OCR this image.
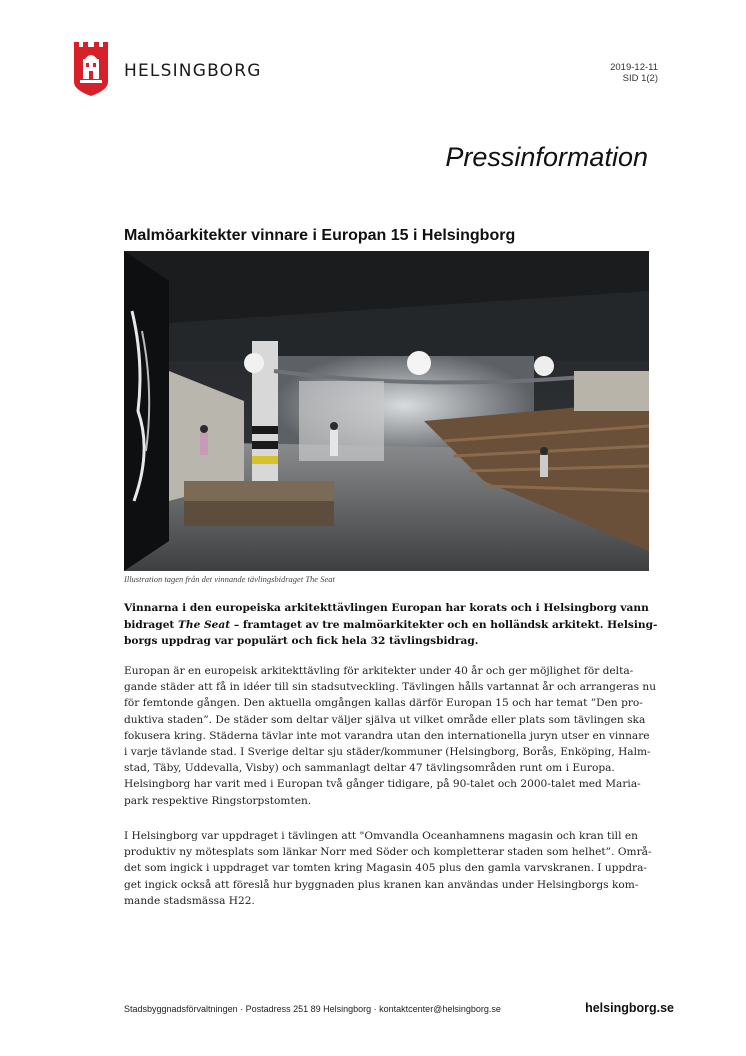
HELSINGBORG	2019-12-11
SID 1(2)
Pressinformation
Malmöarkitekter vinnare i Europan 15 i Helsingborg
Illustration tagen från det vinnande tävlingsbidraget The Seat
Vinnarna i den europeiska arkitekttävlingen Europan har korats och i Helsingborg vann
bidraget The Seat – framtaget av tre malmöarkitekter och en holländsk arkitekt. Helsing-
borgs uppdrag var populärt och fick hela 32 tävlingsbidrag.
Europan är en europeisk arkitekttävling för arkitekter under 40 år och ger möjlighet för delta-
gande städer att få in idéer till sin stadsutveckling. Tävlingen hålls vartannat år och arrangeras nu
för femtonde gången. Den aktuella omgången kallas därför Europan 15 och har temat ”Den pro-
duktiva staden”. De städer som deltar väljer själva ut vilket område eller plats som tävlingen ska
fokusera kring. Städerna tävlar inte mot varandra utan den internationella juryn utser en vinnare
i varje tävlande stad. I Sverige deltar sju städer/kommuner (Helsingborg, Borås, Enköping, Halm-
stad, Täby, Uddevalla, Visby) och sammanlagt deltar 47 tävlingsområden runt om i Europa.
Helsingborg har varit med i Europan två gånger tidigare, på 90-talet och 2000-talet med Maria-
park respektive Ringstorpstomten.
I Helsingborg var uppdraget i tävlingen att "Omvandla Oceanhamnens magasin och kran till en
produktiv ny mötesplats som länkar Norr med Söder och kompletterar staden som helhet”. Områ-
det som ingick i uppdraget var tomten kring Magasin 405 plus den gamla varvskranen. I uppdra-
get ingick också att föreslå hur byggnaden plus kranen kan användas under Helsingborgs kom-
mande stadsmässa H22.
Stadsbyggnadsförvaltningen · Postadress 251 89 Helsingborg · kontaktcenter@helsingborg.se	helsingborg.se
